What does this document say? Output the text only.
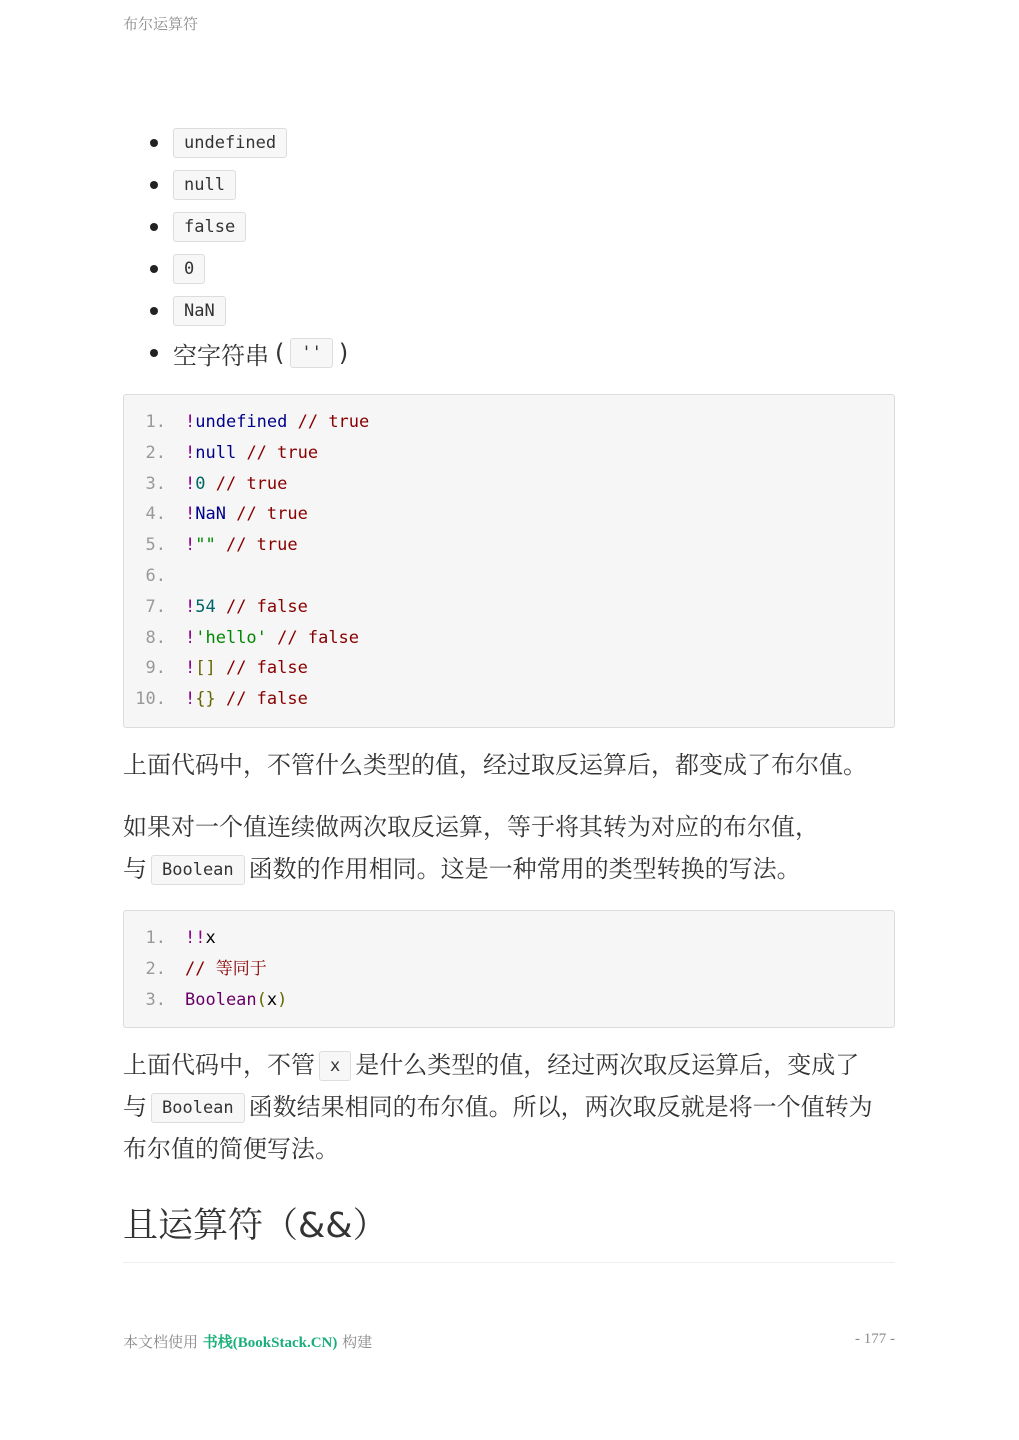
布尔运算符
undefined
null
false
0
NaN
空字符串 (	'' )
1.	!undefined // true
2.	!null // true
3.	!0 // true
4.	!NaN // true
5.	!"" // true
6.
7.	!54 // false
8.	!'hello' // false
9.	![] // false
10.	!{} // false

上面代码中，不管什么类型的值，经过取反运算后，都变成了布尔值。

如果对一个值连续做两次取反运算，等于将其转为对应的布尔值，
与 Boolean 函数的作用相同。这是一种常用的类型转换的写法。

1.	!!x
2.	// 等同于
3.	Boolean(x)

上面代码中，不管 x 是什么类型的值，经过两次取反运算后，变成了
与 Boolean 函数结果相同的布尔值。所以，两次取反就是将一个值转为
布尔值的简便写法。

且运算符（&&）
本文档使用 书栈(BookStack.CN) 构建	- 177 -
